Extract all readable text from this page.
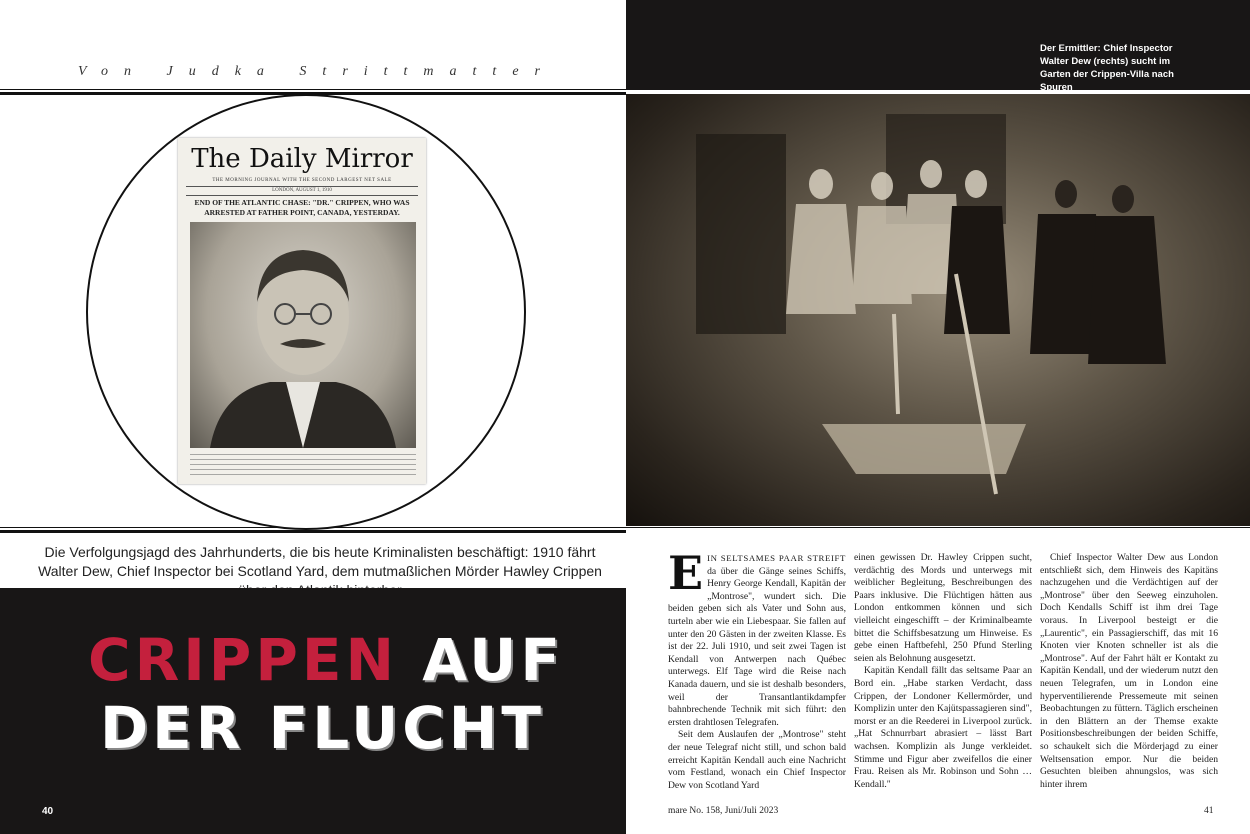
Von Judka Strittmatter
The Daily Mirror
THE MORNING JOURNAL WITH THE SECOND LARGEST NET SALE
LONDON, AUGUST 1, 1910
END OF THE ATLANTIC CHASE: "DR." CRIPPEN, WHO WAS ARRESTED AT FATHER POINT, CANADA, YESTERDAY.
Die Verfolgungsjagd des Jahrhunderts, die bis heute Kriminalisten beschäftigt: 1910 fährt Walter Dew, Chief Inspector bei Scotland Yard, dem mutmaßlichen Mörder Hawley Crippen
CRIPPEN AUF
DER FLUCHT
40
Der Ermittler: Chief Inspector Walter Dew (rechts) sucht im Garten der Crippen-Villa nach Spuren

EIN SELTSAMES PAAR STREIFT da über die Gänge seines Schiffs, Henry George Kendall, Kapitän der „Montrose", wundert sich. Die beiden geben sich als Vater und Sohn aus, turteln aber wie ein Liebespaar. Sie fallen auf unter den 20 Gästen in der zweiten Klasse. Es ist der 22. Juli 1910, und seit zwei Tagen ist Kendall von Antwerpen nach Québec unterwegs. Elf Tage wird die Reise nach Kanada dauern, und sie ist deshalb besonders, weil der Transantlantikdampfer bahnbrechende Technik mit sich führt: den ersten drahtlosen Telegrafen.

Seit dem Auslaufen der „Montrose" steht der neue Telegraf nicht still, und schon bald erreicht Kapitän Kendall auch eine Nachricht vom Festland, wonach ein Chief Inspector Dew von Scotland Yard

einen gewissen Dr. Hawley Crippen sucht, verdächtig des Mords und unterwegs mit weiblicher Begleitung, Beschreibungen des Paars inklusive. Die Flüchtigen hätten aus London entkommen können und sich vielleicht eingeschifft – der Kriminalbeamte bittet die Schiffsbesatzung um Hinweise. Es gebe einen Haftbefehl, 250 Pfund Sterling seien als Belohnung ausgesetzt.

Kapitän Kendall fällt das seltsame Paar an Bord ein. „Habe starken Verdacht, dass Crippen, der Londoner Kellermörder, und Komplizin unter den Kajütspassagieren sind", morst er an die Reederei in Liverpool zurück. „Hat Schnurrbart abrasiert – lässt Bart wachsen. Komplizin als Junge verkleidet. Stimme und Figur aber zweifellos die einer Frau. Reisen als Mr. Robinson und Sohn … Kendall."

Chief Inspector Walter Dew aus London entschließt sich, dem Hinweis des Kapitäns nachzugehen und die Verdächtigen auf der „Montrose" über den Seeweg einzuholen. Doch Kendalls Schiff ist ihm drei Tage voraus. In Liverpool besteigt er die „Laurentic", ein Passagierschiff, das mit 16 Knoten vier Knoten schneller ist als die „Montrose". Auf der Fahrt hält er Kontakt zu Kapitän Kendall, und der wiederum nutzt den neuen Telegrafen, um in London eine hyperventilierende Pressemeute mit seinen Beobachtungen zu füttern. Täglich erscheinen in den Blättern an der Themse exakte Positionsbeschreibungen der beiden Schiffe, so schaukelt sich die Mörderjagd zu einer Weltsensation empor. Nur die beiden Gesuchten bleiben ahnungslos, was sich hinter ihrem

mare No. 158, Juni/Juli 2023	41
